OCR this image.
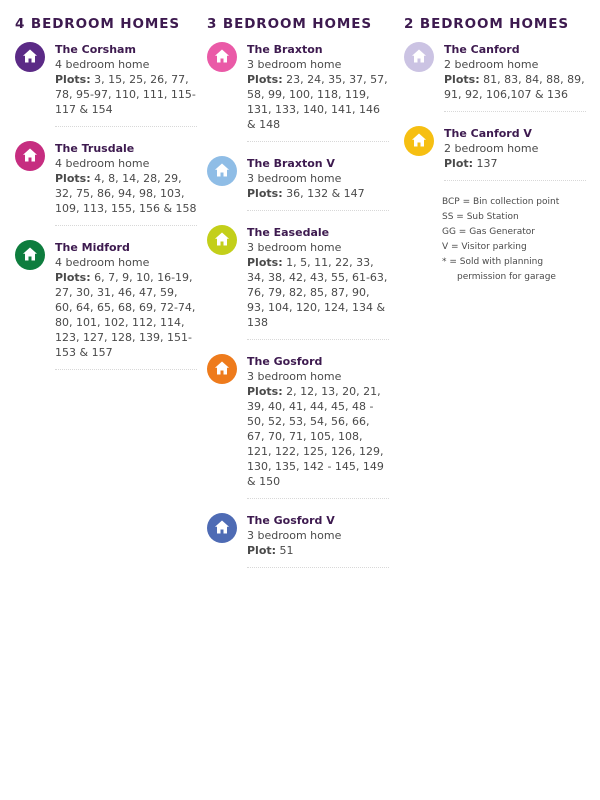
4 BEDROOM HOMES
The Corsham
4 bedroom home
Plots: 3, 15, 25, 26, 77, 78, 95-97, 110, 111, 115-117 & 154
The Trusdale
4 bedroom home
Plots: 4, 8, 14, 28, 29, 32, 75, 86, 94, 98, 103, 109, 113, 155, 156 & 158
The Midford
4 bedroom home
Plots: 6, 7, 9, 10, 16-19, 27, 30, 31, 46, 47, 59, 60, 64, 65, 68, 69, 72-74, 80, 101, 102, 112, 114, 123, 127, 128, 139, 151-153 & 157
3 BEDROOM HOMES
The Braxton
3 bedroom home
Plots: 23, 24, 35, 37, 57, 58, 99, 100, 118, 119, 131, 133, 140, 141, 146 & 148
The Braxton V
3 bedroom home
Plots: 36, 132 & 147
The Easedale
3 bedroom home
Plots: 1, 5, 11, 22, 33, 34, 38, 42, 43, 55, 61-63, 76, 79, 82, 85, 87, 90, 93, 104, 120, 124, 134 & 138
The Gosford
3 bedroom home
Plots: 2, 12, 13, 20, 21, 39, 40, 41, 44, 45, 48 - 50, 52, 53, 54, 56, 66, 67, 70, 71, 105, 108, 121, 122, 125, 126, 129, 130, 135, 142 - 145, 149 & 150
The Gosford V
3 bedroom home
Plot: 51
2 BEDROOM HOMES
The Canford
2 bedroom home
Plots: 81, 83, 84, 88, 89, 91, 92, 106,107 & 136
The Canford V
2 bedroom home
Plot: 137
BCP = Bin collection point
SS = Sub Station
GG = Gas Generator
V = Visitor parking
* = Sold with planning
permission for garage
